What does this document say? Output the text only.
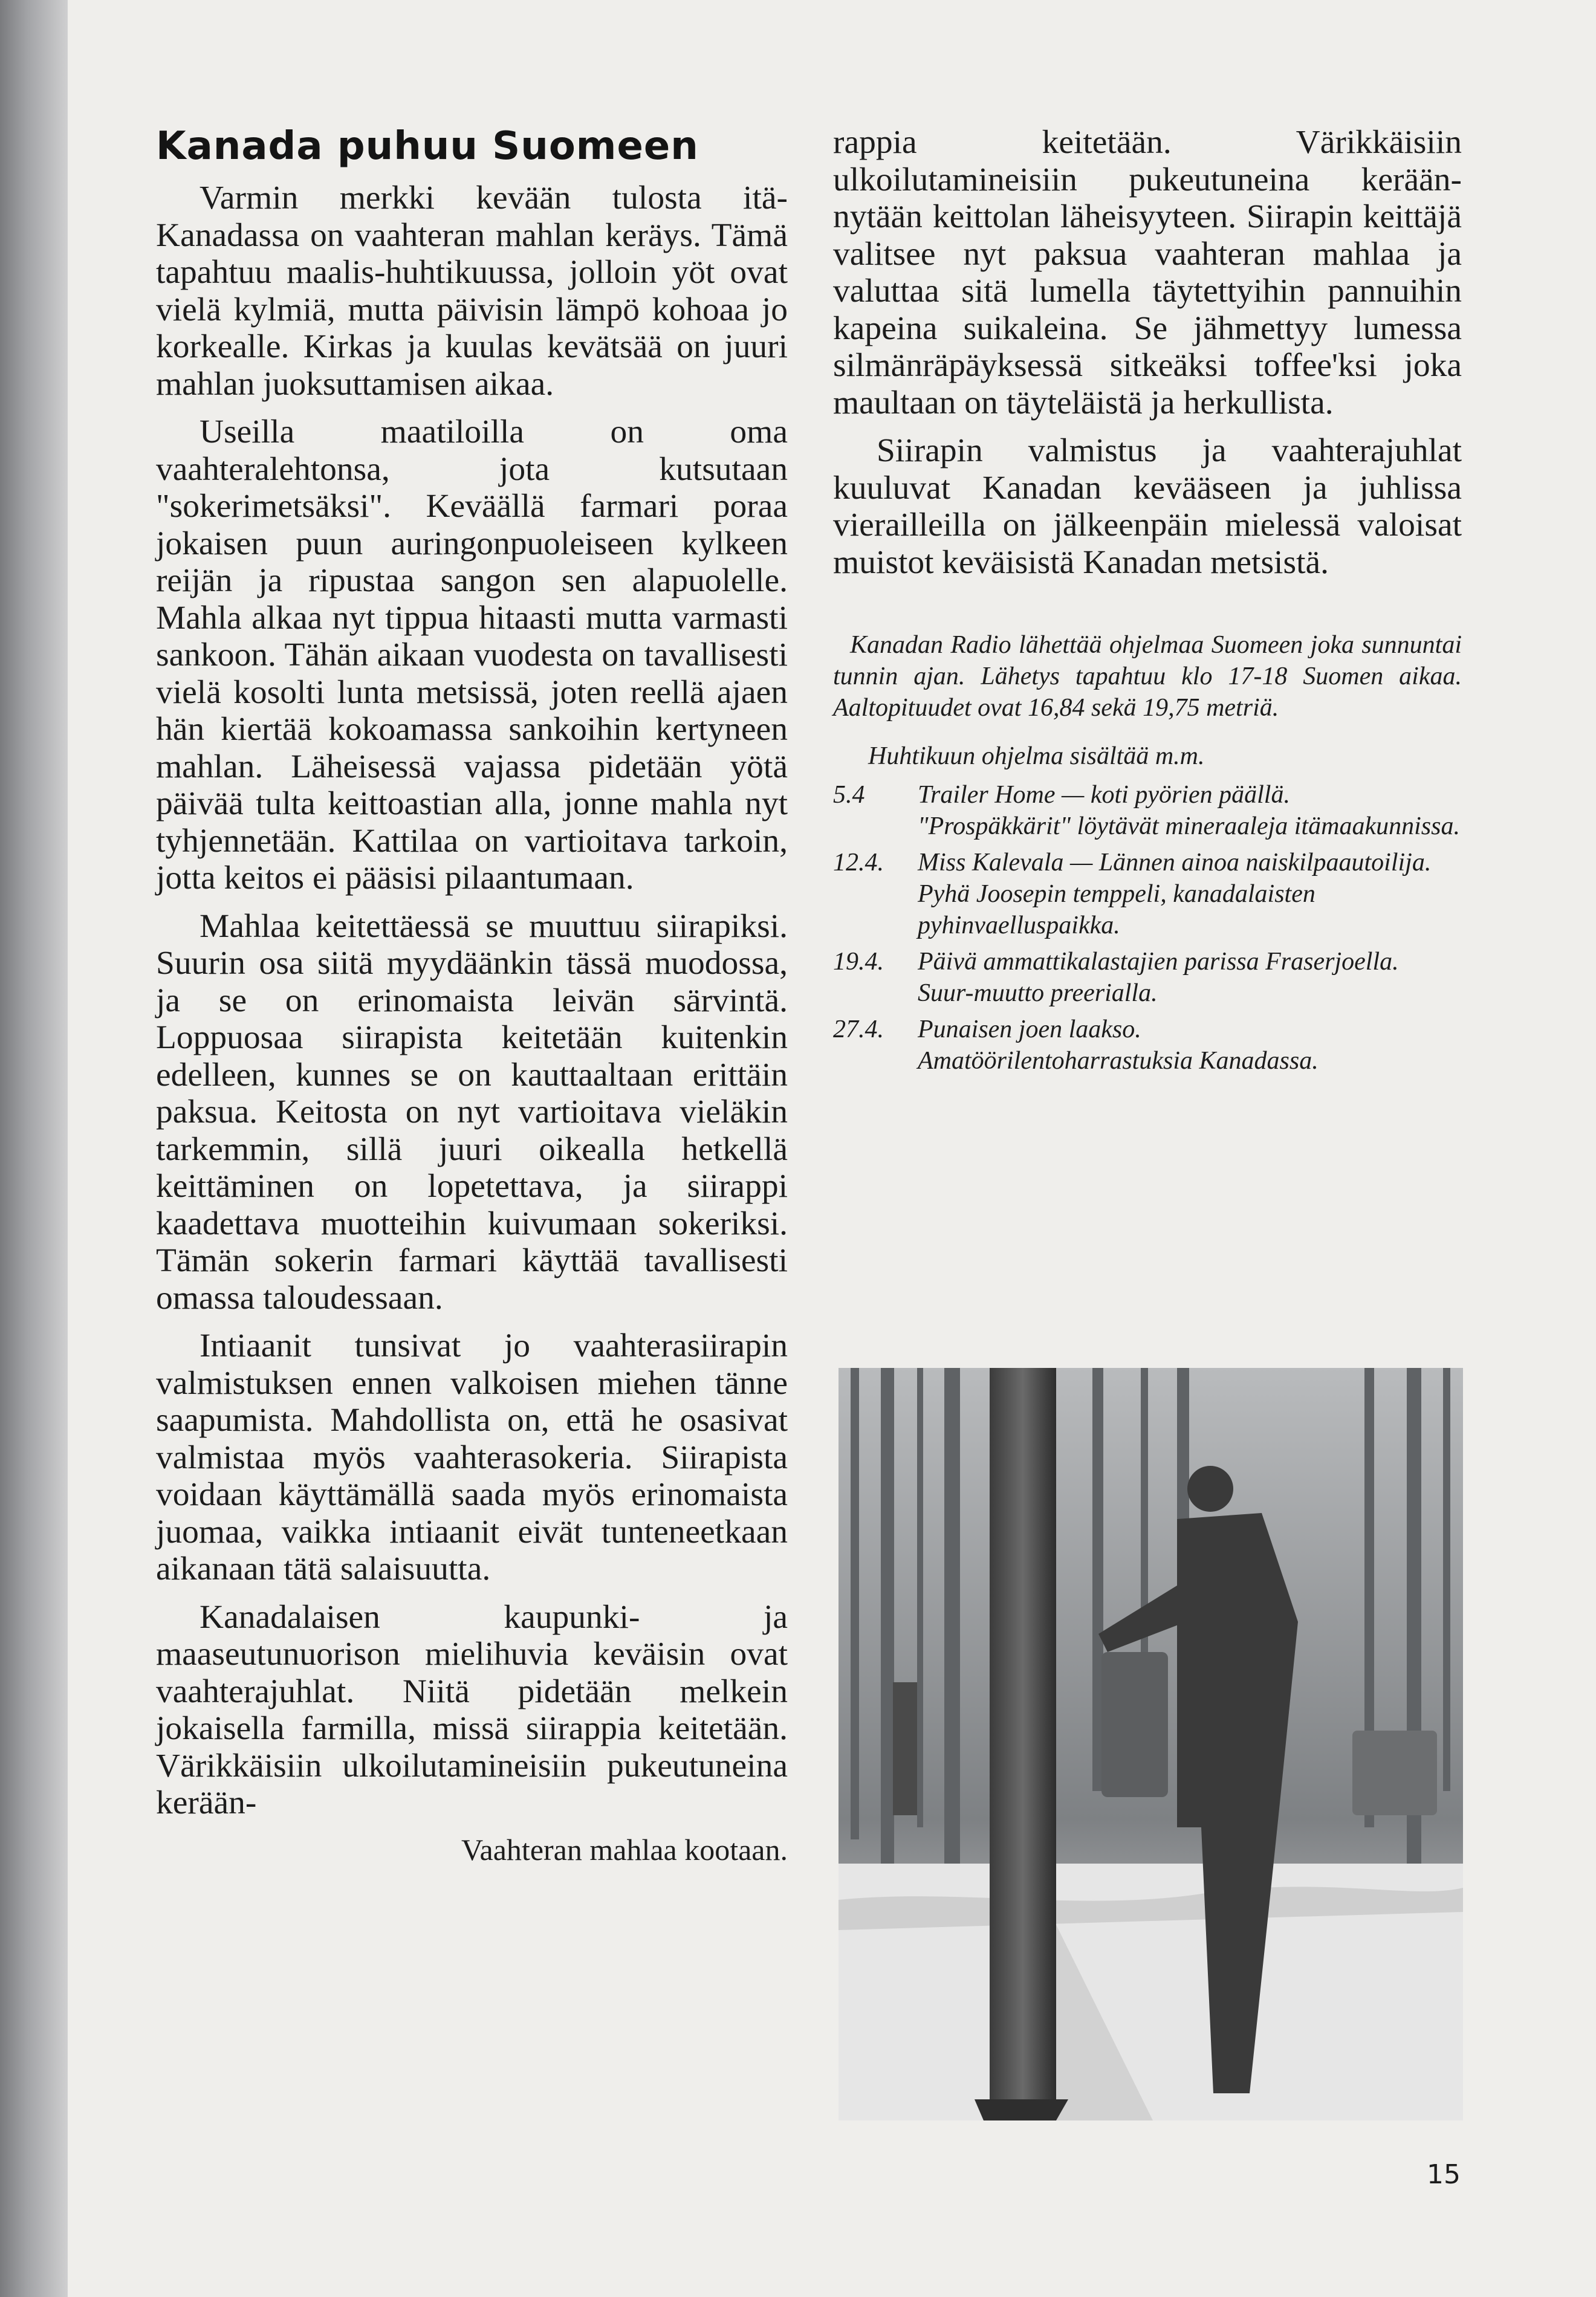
Kanada puhuu Suomeen

Varmin merkki kevään tulosta itä-Kanadassa on vaahteran mahlan keräys. Tämä tapahtuu maalis-huhtikuussa, jolloin yöt ovat vielä kylmiä, mutta päivisin lämpö kohoaa jo korkealle. Kirkas ja kuulas kevätsää on juuri mahlan juoksuttamisen aikaa.

Useilla maatiloilla on oma vaahteralehtonsa, jota kutsutaan "sokerimetsäksi". Keväällä farmari poraa jokaisen puun auringonpuoleiseen kylkeen reijän ja ripustaa sangon sen alapuolelle. Mahla alkaa nyt tippua hitaasti mutta varmasti sankoon. Tähän aikaan vuodesta on tavallisesti vielä kosolti lunta metsissä, joten reellä ajaen hän kiertää kokoamassa sankoihin kertyneen mahlan. Läheisessä vajassa pidetään yötä päivää tulta keittoastian alla, jonne mahla nyt tyhjennetään. Kattilaa on vartioitava tarkoin, jotta keitos ei pääsisi pilaantumaan.

Mahlaa keitettäessä se muuttuu siirapiksi. Suurin osa siitä myydäänkin tässä muodossa, ja se on erinomaista leivän särvintä. Loppuosaa siirapista keitetään kuitenkin edelleen, kunnes se on kauttaaltaan erittäin paksua. Keitosta on nyt vartioitava vieläkin tarkemmin, sillä juuri oikealla hetkellä keittäminen on lopetettava, ja siirappi kaadettava muotteihin kuivumaan sokeriksi. Tämän sokerin farmari käyttää tavallisesti omassa taloudessaan.

Intiaanit tunsivat jo vaahterasiirapin valmistuksen ennen valkoisen miehen tänne saapumista. Mahdollista on, että he osasivat valmistaa myös vaahterasokeria. Siirapista voidaan käyttämällä saada myös erinomaista juomaa, vaikka intiaanit eivät tunteneetkaan aikanaan tätä salaisuutta.

Kanadalaisen kaupunki- ja maaseutunuorison mielihuvia keväisin ovat vaahterajuhlat. Niitä pidetään melkein jokaisella farmilla, missä siirappia keitetään. Värikkäisiin ulkoilutamineisiin pukeutuneina kerään-

Vaahteran mahlaa kootaan.

rappia keitetään. Värikkäisiin ulkoilutamineisiin pukeutuneina kerään-nytään keittolan läheisyyteen. Siirapin keittäjä valitsee nyt paksua vaahteran mahlaa ja valuttaa sitä lumella täytettyihin pannuihin kapeina suikaleina. Se jähmettyy lumessa silmänräpäyksessä sitkeäksi toffee'ksi joka maultaan on täyteläistä ja herkullista.

Siirapin valmistus ja vaahterajuhlat kuuluvat Kanadan kevääseen ja juhlissa vierailleilla on jälkeenpäin mielessä valoisat muistot keväisistä Kanadan metsistä.

Kanadan Radio lähettää ohjelmaa Suomeen joka sunnuntai tunnin ajan. Lähetys tapahtuu klo 17-18 Suomen aikaa. Aaltopituudet ovat 16,84 sekä 19,75 metriä.

Huhtikuun ohjelma sisältää m.m.
5.4	Trailer Home — koti pyörien päällä.
"Prospäkkärit" löytävät mineraaleja itämaakunnissa.
12.4.	Miss Kalevala — Lännen ainoa naiskilpaautoilija.
Pyhä Joosepin temppeli, kanadalaisten pyhinvaelluspaikka.
19.4.	Päivä ammattikalastajien parissa Fraserjoella.
Suur-muutto preerialla.
27.4.	Punaisen joen laakso.
Amatöörilentoharrastuksia Kanadassa.
15
